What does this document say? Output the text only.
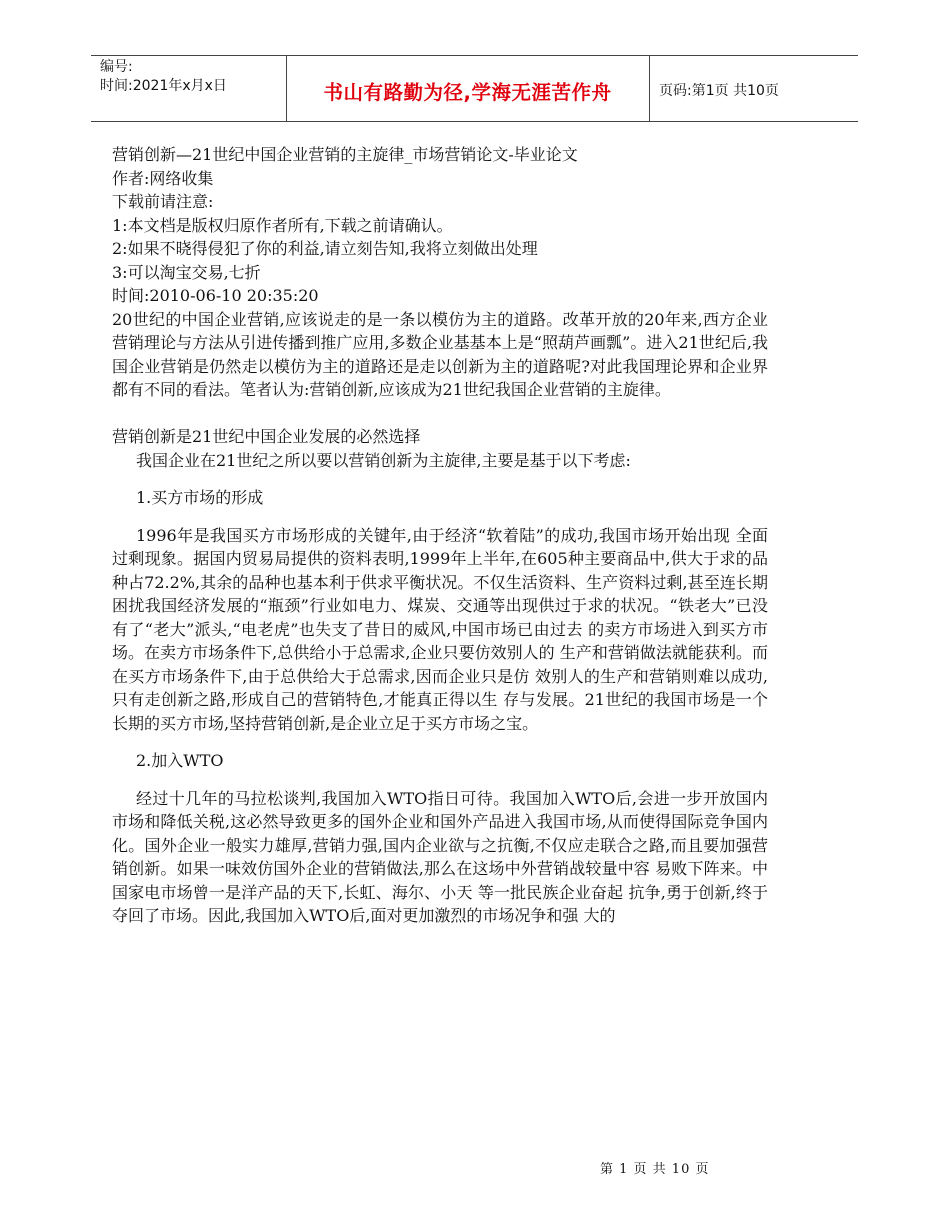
编号:
时间:2021年x月x日	书山有路勤为径,学海无涯苦作舟	页码:第1页 共10页
营销创新—21世纪中国企业营销的主旋律_市场营销论文-毕业论文
作者:网络收集
下载前请注意:
1:本文档是版权归原作者所有,下载之前请确认。
2:如果不晓得侵犯了你的利益,请立刻告知,我将立刻做出处理
3:可以淘宝交易,七折
时间:2010-06-10 20:35:20

20世纪的中国企业营销,应该说走的是一条以模仿为主的道路。改革开放的20年来,西方企业营销理论与方法从引进传播到推广应用,多数企业基基本上是“照葫芦画瓢”。进入21世纪后,我国企业营销是仍然走以模仿为主的道路还是走以创新为主的道路呢?对此我国理论界和企业界都有不同的看法。笔者认为:营销创新,应该成为21世纪我国企业营销的主旋律。

营销创新是21世纪中国企业发展的必然选择

我国企业在21世纪之所以要以营销创新为主旋律,主要是基于以下考虑:

1.买方市场的形成

1996年是我国买方市场形成的关键年,由于经济“软着陆”的成功,我国市场开始出现 全面过剩现象。据国内贸易局提供的资料表明,1999年上半年,在605种主要商品中,供大于求的品种占72.2%,其余的品种也基本利于供求平衡状况。不仅生活资料、生产资料过剩,甚至连长期困扰我国经济发展的“瓶颈”行业如电力、煤炭、交通等出现供过于求的状况。“铁老大”已没有了“老大”派头,“电老虎”也失支了昔日的威风,中国市场已由过去 的卖方市场进入到买方市场。在卖方市场条件下,总供给小于总需求,企业只要仿效别人的 生产和营销做法就能获利。而在买方市场条件下,由于总供给大于总需求,因而企业只是仿 效别人的生产和营销则难以成功,只有走创新之路,形成自己的营销特色,才能真正得以生 存与发展。21世纪的我国市场是一个长期的买方市场,坚持营销创新,是企业立足于买方市场之宝。

2.加入WTO

经过十几年的马拉松谈判,我国加入WTO指日可待。我国加入WTO后,会进一步开放国内市场和降低关税,这必然导致更多的国外企业和国外产品进入我国市场,从而使得国际竞争国内化。国外企业一般实力雄厚,营销力强,国内企业欲与之抗衡,不仅应走联合之路,而且要加强营销创新。如果一味效仿国外企业的营销做法,那么在这场中外营销战较量中容 易败下阵来。中国家电市场曾一是洋产品的天下,长虹、海尔、小天 等一批民族企业奋起 抗争,勇于创新,终于夺回了市场。因此,我国加入WTO后,面对更加激烈的市场况争和强 大的

第 1 页 共 10 页
